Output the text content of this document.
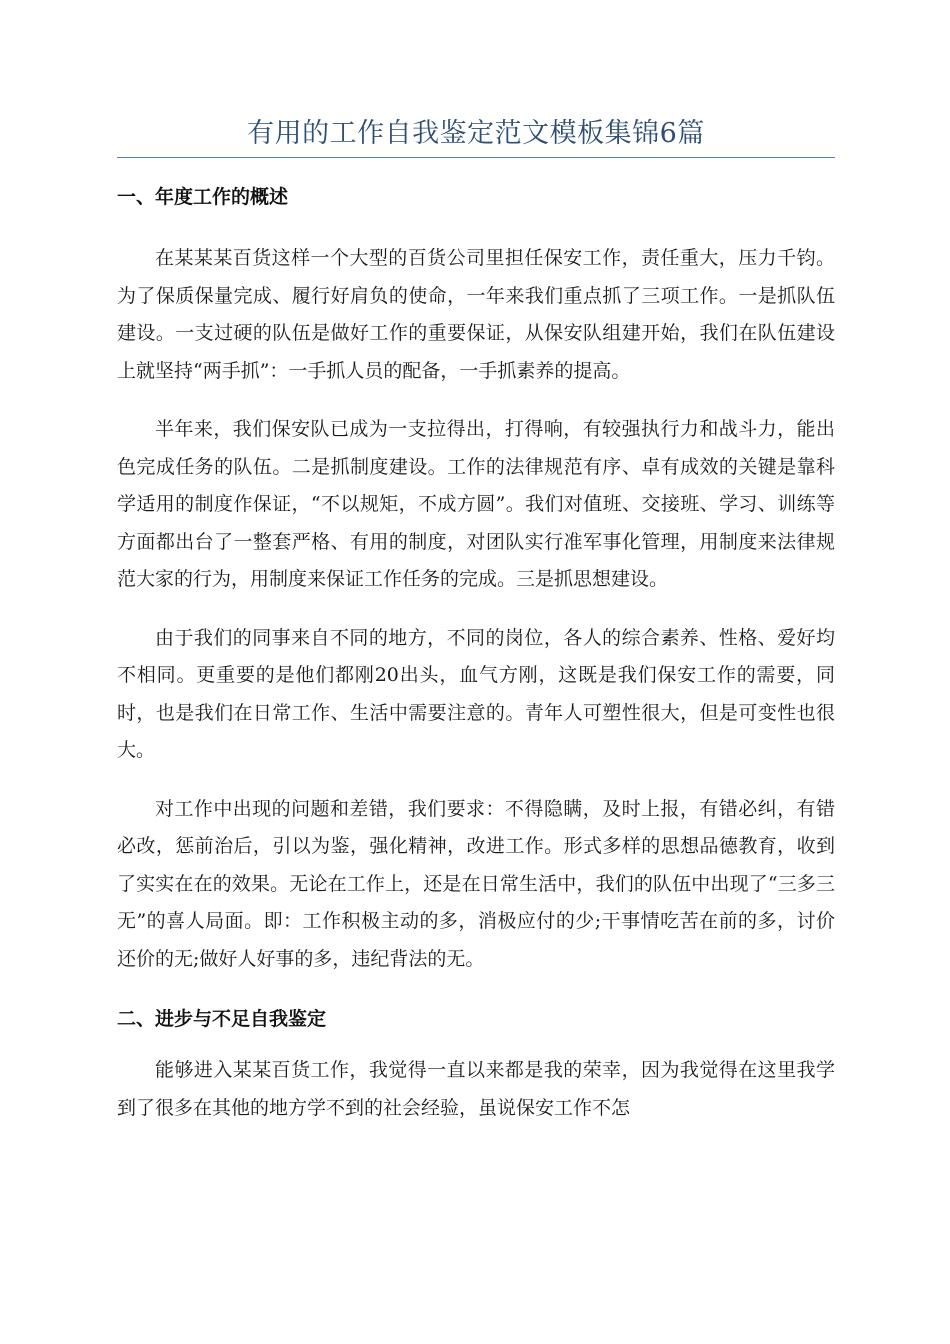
有用的工作自我鉴定范文模板集锦6篇
一、年度工作的概述

在某某某百货这样一个大型的百货公司里担任保安工作，责任重大，压力千钧。为了保质保量完成、履行好肩负的使命，一年来我们重点抓了三项工作。一是抓队伍建设。一支过硬的队伍是做好工作的重要保证，从保安队组建开始，我们在队伍建设上就坚持“两手抓”：一手抓人员的配备，一手抓素养的提高。

半年来，我们保安队已成为一支拉得出，打得响，有较强执行力和战斗力，能出色完成任务的队伍。二是抓制度建设。工作的法律规范有序、卓有成效的关键是靠科学适用的制度作保证，“不以规矩，不成方圆”。我们对值班、交接班、学习、训练等方面都出台了一整套严格、有用的制度，对团队实行准军事化管理，用制度来法律规范大家的行为，用制度来保证工作任务的完成。三是抓思想建设。

由于我们的同事来自不同的地方，不同的岗位，各人的综合素养、性格、爱好均不相同。更重要的是他们都刚20出头，血气方刚，这既是我们保安工作的需要，同时，也是我们在日常工作、生活中需要注意的。青年人可塑性很大，但是可变性也很大。

对工作中出现的问题和差错，我们要求：不得隐瞒，及时上报，有错必纠，有错必改，惩前治后，引以为鉴，强化精神，改进工作。形式多样的思想品德教育，收到了实实在在的效果。无论在工作上，还是在日常生活中，我们的队伍中出现了“三多三无”的喜人局面。即：工作积极主动的多，消极应付的少;干事情吃苦在前的多，讨价还价的无;做好人好事的多，违纪背法的无。

二、进步与不足自我鉴定

能够进入某某百货工作，我觉得一直以来都是我的荣幸，因为我觉得在这里我学到了很多在其他的地方学不到的社会经验，虽说保安工作不怎
